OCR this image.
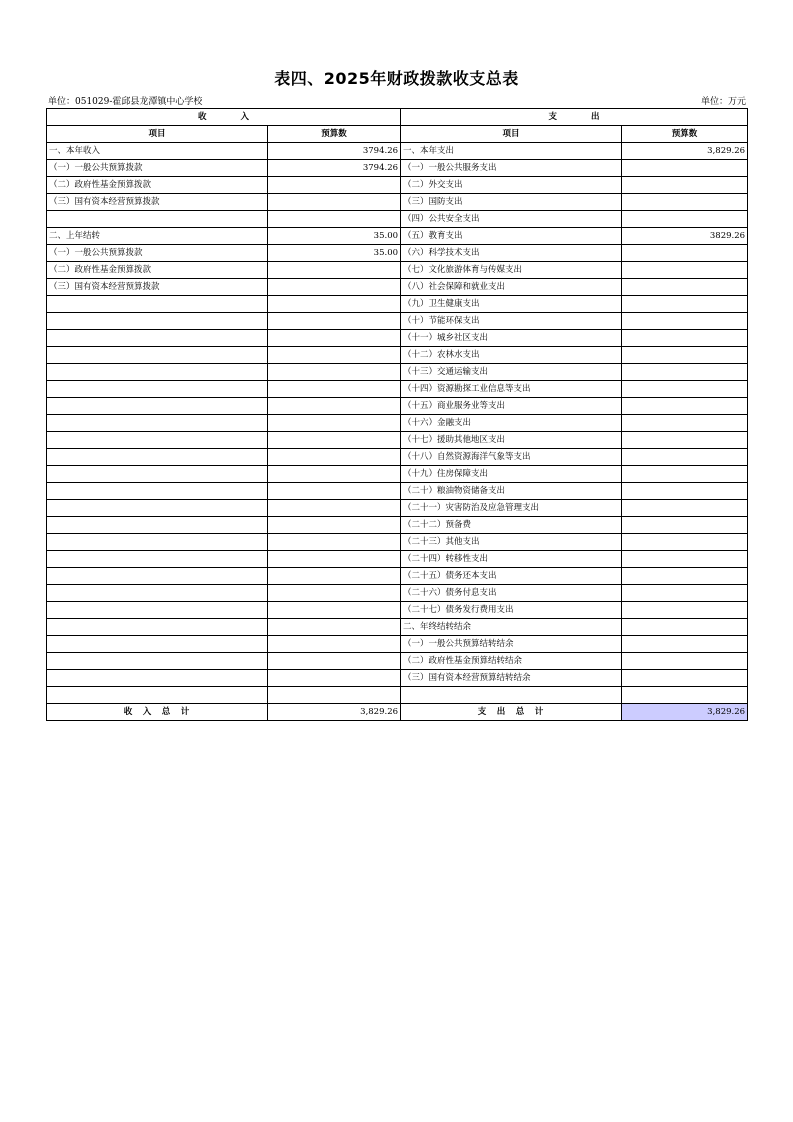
表四、2025年财政拨款收支总表
单位：051029-霍邱县龙潭镇中心学校	单位：万元
收　　　　入		支　　　　出	
项目	预算数	项目	预算数
一、本年收入	3794.26	一、本年支出	3,829.26
（一）一般公共预算拨款	3794.26	（一）一般公共服务支出	
（二）政府性基金预算拨款		（二）外交支出	
（三）国有资本经营预算拨款		（三）国防支出	
		（四）公共安全支出	
二、上年结转	35.00	（五）教育支出	3829.26
（一）一般公共预算拨款	35.00	（六）科学技术支出	
（二）政府性基金预算拨款		（七）文化旅游体育与传媒支出	
（三）国有资本经营预算拨款		（八）社会保障和就业支出	
		（九）卫生健康支出	
		（十）节能环保支出	
		（十一）城乡社区支出	
		（十二）农林水支出	
		（十三）交通运输支出	
		（十四）资源勘探工业信息等支出	
		（十五）商业服务业等支出	
		（十六）金融支出	
		（十七）援助其他地区支出	
		（十八）自然资源海洋气象等支出	
		（十九）住房保障支出	
		（二十）粮油物资储备支出	
		（二十一）灾害防治及应急管理支出	
		（二十二）预备费	
		（二十三）其他支出	
		（二十四）转移性支出	
		（二十五）债务还本支出	
		（二十六）债务付息支出	
		（二十七）债务发行费用支出	
		二、年终结转结余	
		（一）一般公共预算结转结余	
		（二）政府性基金预算结转结余	
		（三）国有资本经营预算结转结余	

收　入　总　计	3,829.26	支　出　总　计	3,829.26
